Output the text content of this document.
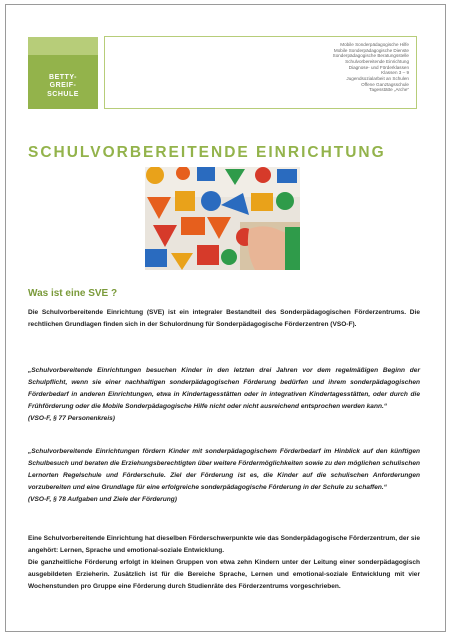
BETTY-
GREIF-
SCHULE
Mobile Sonderpädagogische Hilfe
Mobile Sonderpädagogische Dienste
Sonderpädagogische Beratungsstelle
Schulvorbereitende Einrichtung
Diagnose- und Förderklassen
Klassen 3 – 9
Jugendsozialarbeit an Schulen
Offene Ganztagsschule
Tagesstätte „Arche“
SCHULVORBEREITENDE EINRICHTUNG
Was ist eine SVE ?

Die Schulvorbereitende Einrichtung (SVE) ist ein integraler Bestandteil des Sonderpädagogischen Förderzentrums. Die rechtlichen Grundlagen finden sich in der Schulordnung für Sonderpädagogische Förderzentren (VSO-F).

„Schulvorbereitende Einrichtungen besuchen Kinder in den letzten drei Jahren vor dem regelmäßigen Beginn der Schulpflicht, wenn sie einer nachhaltigen sonderpädagogischen Förderung bedürfen und ihrem sonderpädagogischen Förderbedarf in anderen Einrichtungen, etwa in Kindertagesstätten oder in integrativen Kindertagesstätten, oder durch die Frühförderung oder die Mobile Sonderpädagogische Hilfe nicht oder nicht ausreichend entsprochen werden kann.“
(VSO-F, § 77 Personenkreis)
„Schulvorbereitende Einrichtungen fördern Kinder mit sonderpädagogischem Förderbedarf im Hinblick auf den künftigen Schulbesuch und beraten die Erziehungsberechtigten über weitere Fördermöglichkeiten sowie zu den möglichen schulischen Lernorten Regelschule und Förderschule. Ziel der Förderung ist es, die Kinder auf die schulischen Anforderungen vorzubereiten und eine Grundlage für eine erfolgreiche sonderpädagogische Förderung in der Schule zu schaffen.“
(VSO-F, § 78 Aufgaben und Ziele der Förderung)
Eine Schulvorbereitende Einrichtung hat dieselben Förderschwerpunkte wie das Sonderpädagogische Förderzentrum, der sie angehört: Lernen, Sprache und emotional-soziale Entwicklung.
Die ganzheitliche Förderung erfolgt in kleinen Gruppen von etwa zehn Kindern unter der Leitung einer sonderpädagogisch ausgebildeten Erzieherin. Zusätzlich ist für die Bereiche Sprache, Lernen und emotional-soziale Entwicklung mit vier Wochenstunden pro Gruppe eine Förderung durch Studienräte des Förderzentrums vorgeschrieben.
